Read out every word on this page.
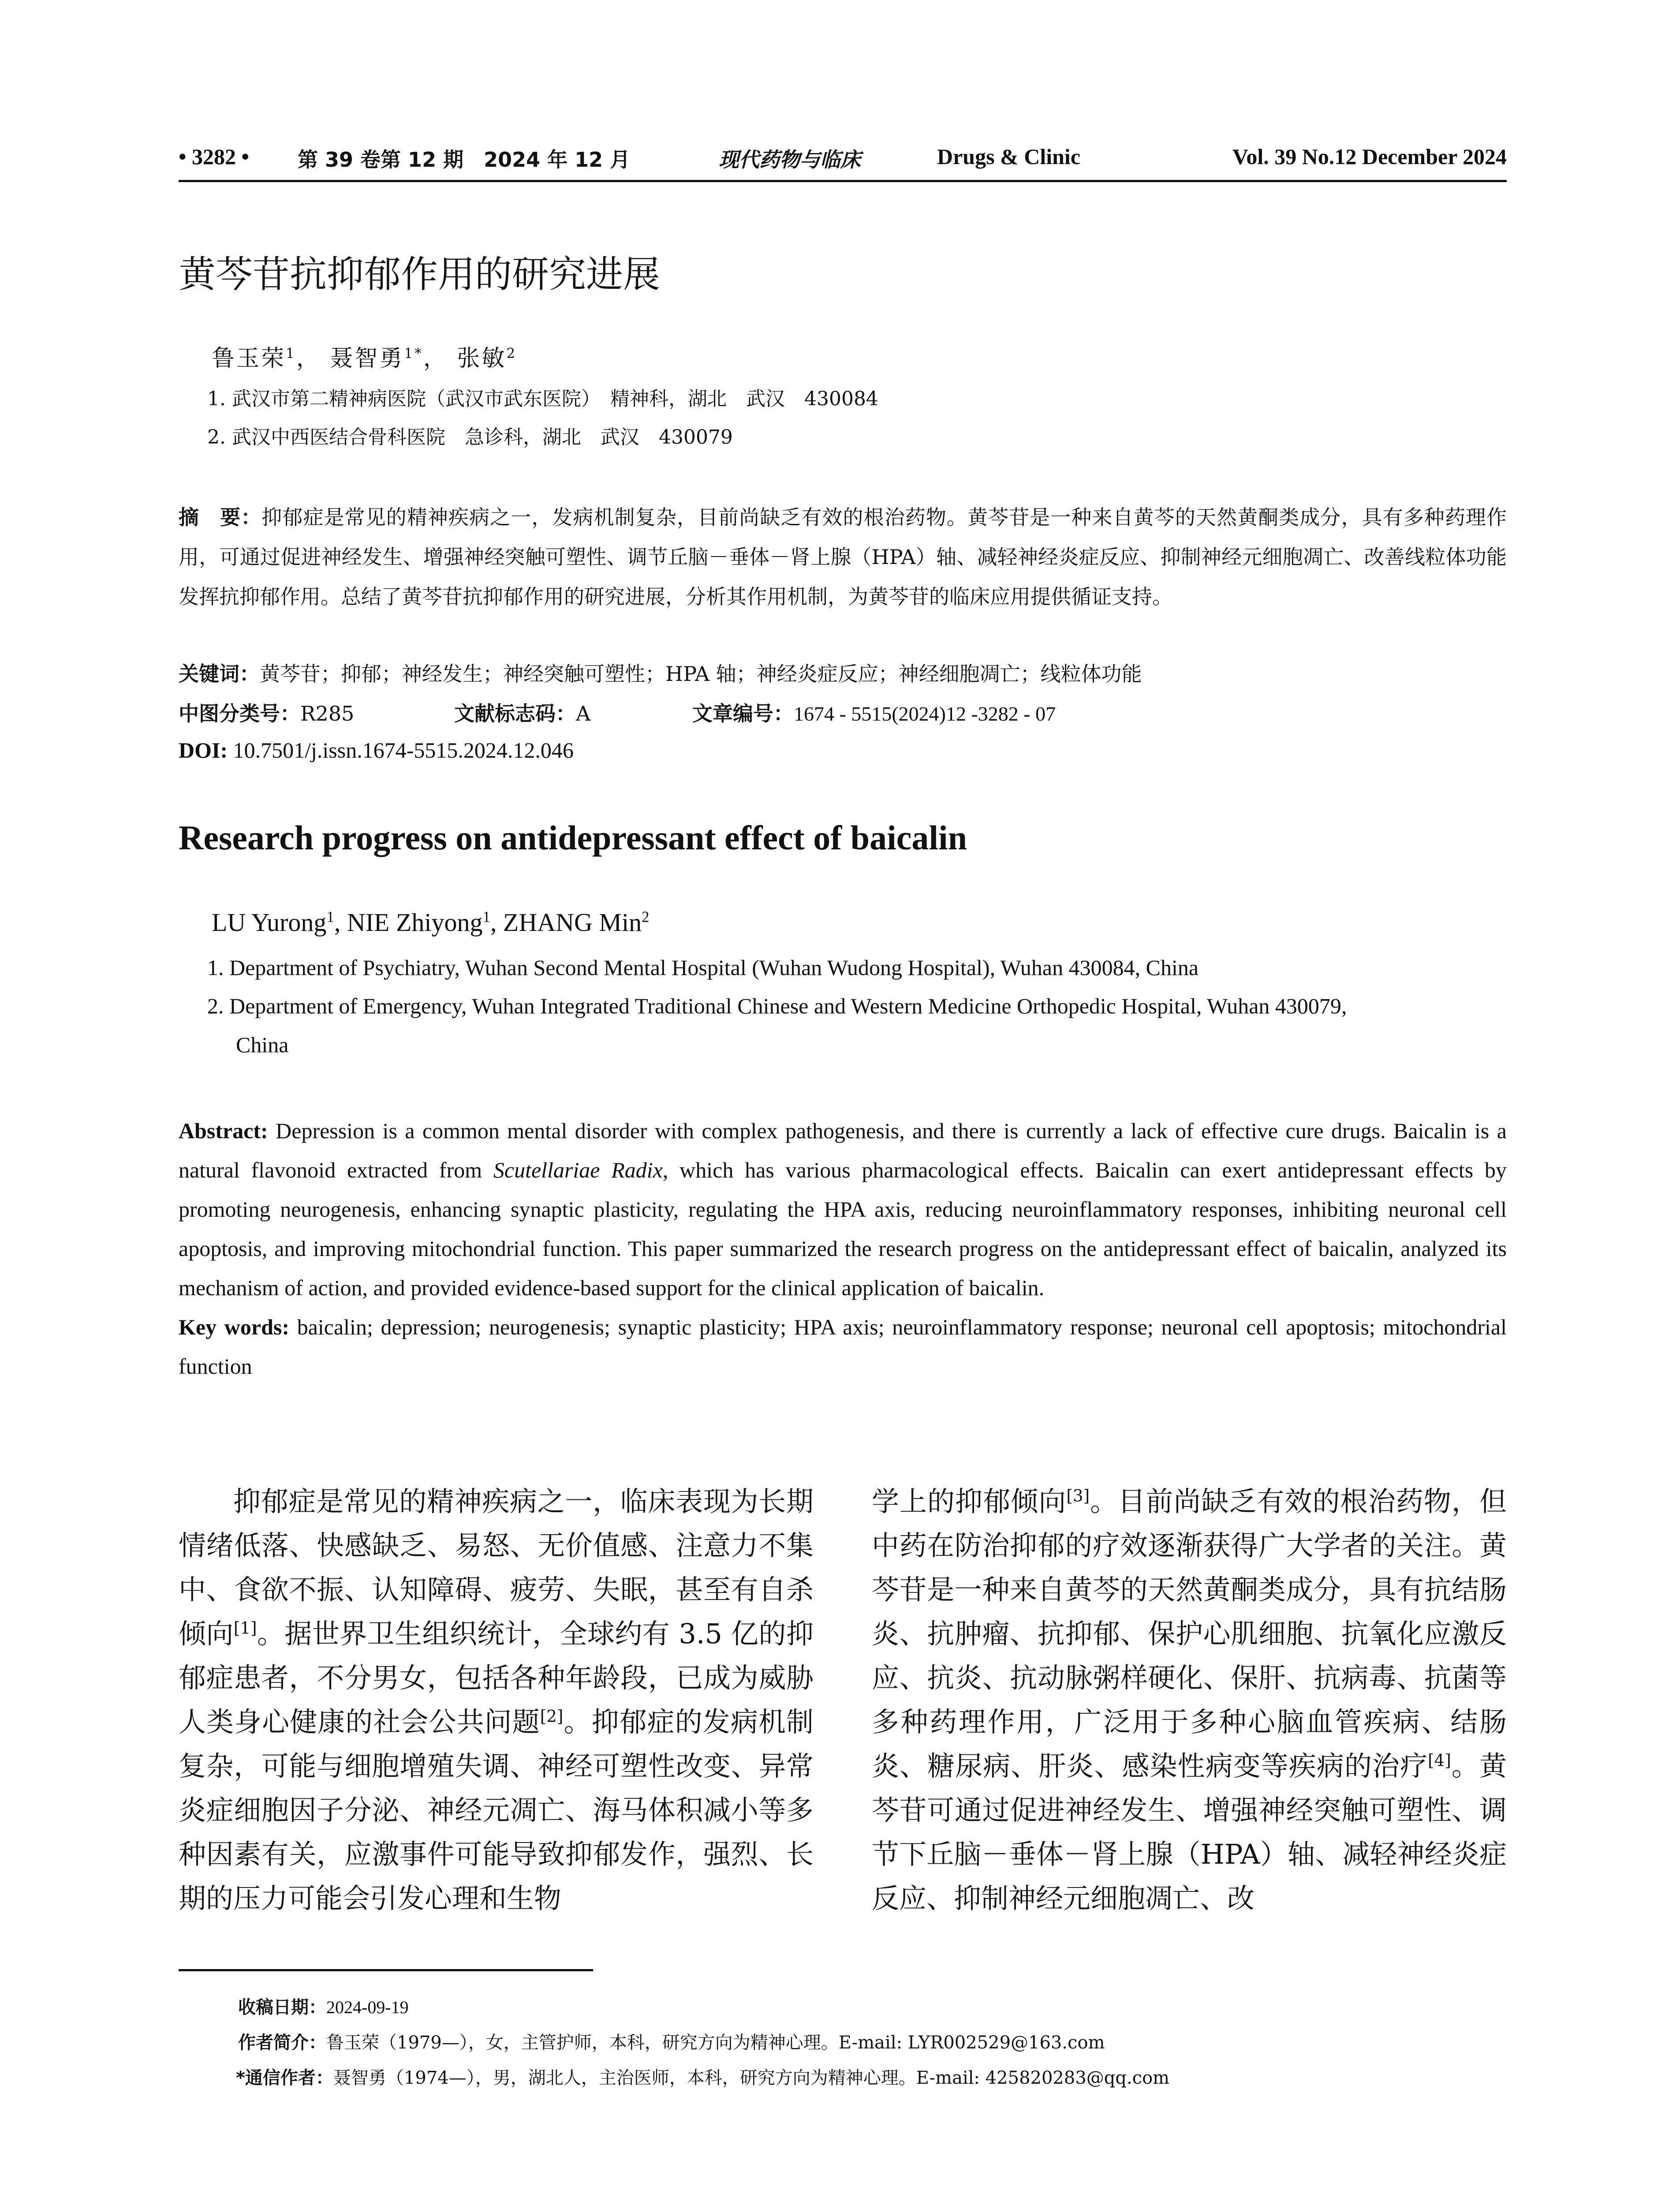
• 3282 • 第 39 卷第 12 期　2024 年 12 月	现代药物与临床	Drugs & Clinic	Vol. 39 No.12 December 2024
黄芩苷抗抑郁作用的研究进展
鲁玉荣$^1$， 聂智勇$^{1*}$， 张敏$^2$
1. 武汉市第二精神病医院（武汉市武东医院）　精神科，湖北　武汉　430084
2. 武汉中西医结合骨科医院　急诊科，湖北　武汉　430079
摘　要：抑郁症是常见的精神疾病之一，发病机制复杂，目前尚缺乏有效的根治药物。黄芩苷是一种来自黄芩的天然黄酮类成分，具有多种药理作用，可通过促进神经发生、增强神经突触可塑性、调节丘脑－垂体－肾上腺（HPA）轴、减轻神经炎症反应、抑制神经元细胞凋亡、改善线粒体功能发挥抗抑郁作用。总结了黄芩苷抗抑郁作用的研究进展，分析其作用机制，为黄芩苷的临床应用提供循证支持。
关键词：黄芩苷；抑郁；神经发生；神经突触可塑性；HPA 轴；神经炎症反应；神经细胞凋亡；线粒体功能
中图分类号：R285	文献标志码：A	文章编号：1674 - 5515(2024)12 -3282 - 07
DOI: 10.7501/j.issn.1674-5515.2024.12.046
Research progress on antidepressant effect of baicalin
LU Yurong$^1$, NIE Zhiyong$^1$, ZHANG Min$^2$
1. Department of Psychiatry, Wuhan Second Mental Hospital (Wuhan Wudong Hospital), Wuhan 430084, China
2. Department of Emergency, Wuhan Integrated Traditional Chinese and Western Medicine Orthopedic Hospital, Wuhan 430079,
China
Abstract: Depression is a common mental disorder with complex pathogenesis, and there is currently a lack of effective cure drugs. Baicalin is a natural flavonoid extracted from Scutellariae Radix, which has various pharmacological effects. Baicalin can exert antidepressant effects by promoting neurogenesis, enhancing synaptic plasticity, regulating the HPA axis, reducing neuroinflammatory responses, inhibiting neuronal cell apoptosis, and improving mitochondrial function. This paper summarized the research progress on the antidepressant effect of baicalin, analyzed its mechanism of action, and provided evidence-based support for the clinical application of baicalin.
Key words: baicalin; depression; neurogenesis; synaptic plasticity; HPA axis; neuroinflammatory response; neuronal cell apoptosis; mitochondrial function
抑郁症是常见的精神疾病之一，临床表现为长期情绪低落、快感缺乏、易怒、无价值感、注意力不集中、食欲不振、认知障碍、疲劳、失眠，甚至有自杀倾向[1]。据世界卫生组织统计，全球约有 3.5 亿的抑郁症患者，不分男女，包括各种年龄段，已成为威胁人类身心健康的社会公共问题[2]。抑郁症的发病机制复杂，可能与细胞增殖失调、神经可塑性改变、异常炎症细胞因子分泌、神经元凋亡、海马体积减小等多种因素有关，应激事件可能导致抑郁发作，强烈、长期的压力可能会引发心理和生物
学上的抑郁倾向[3]。目前尚缺乏有效的根治药物，但中药在防治抑郁的疗效逐渐获得广大学者的关注。黄芩苷是一种来自黄芩的天然黄酮类成分，具有抗结肠炎、抗肿瘤、抗抑郁、保护心肌细胞、抗氧化应激反应、抗炎、抗动脉粥样硬化、保肝、抗病毒、抗菌等多种药理作用，广泛用于多种心脑血管疾病、结肠炎、糖尿病、肝炎、感染性病变等疾病的治疗[4]。黄芩苷可通过促进神经发生、增强神经突触可塑性、调节下丘脑－垂体－肾上腺（HPA）轴、减轻神经炎症反应、抑制神经元细胞凋亡、改
收稿日期：2024-09-19
作者简介：鲁玉荣（1979—），女，主管护师，本科，研究方向为精神心理。E-mail: LYR002529@163.com
*通信作者：聂智勇（1974—），男，湖北人，主治医师，本科，研究方向为精神心理。E-mail: 425820283@qq.com
